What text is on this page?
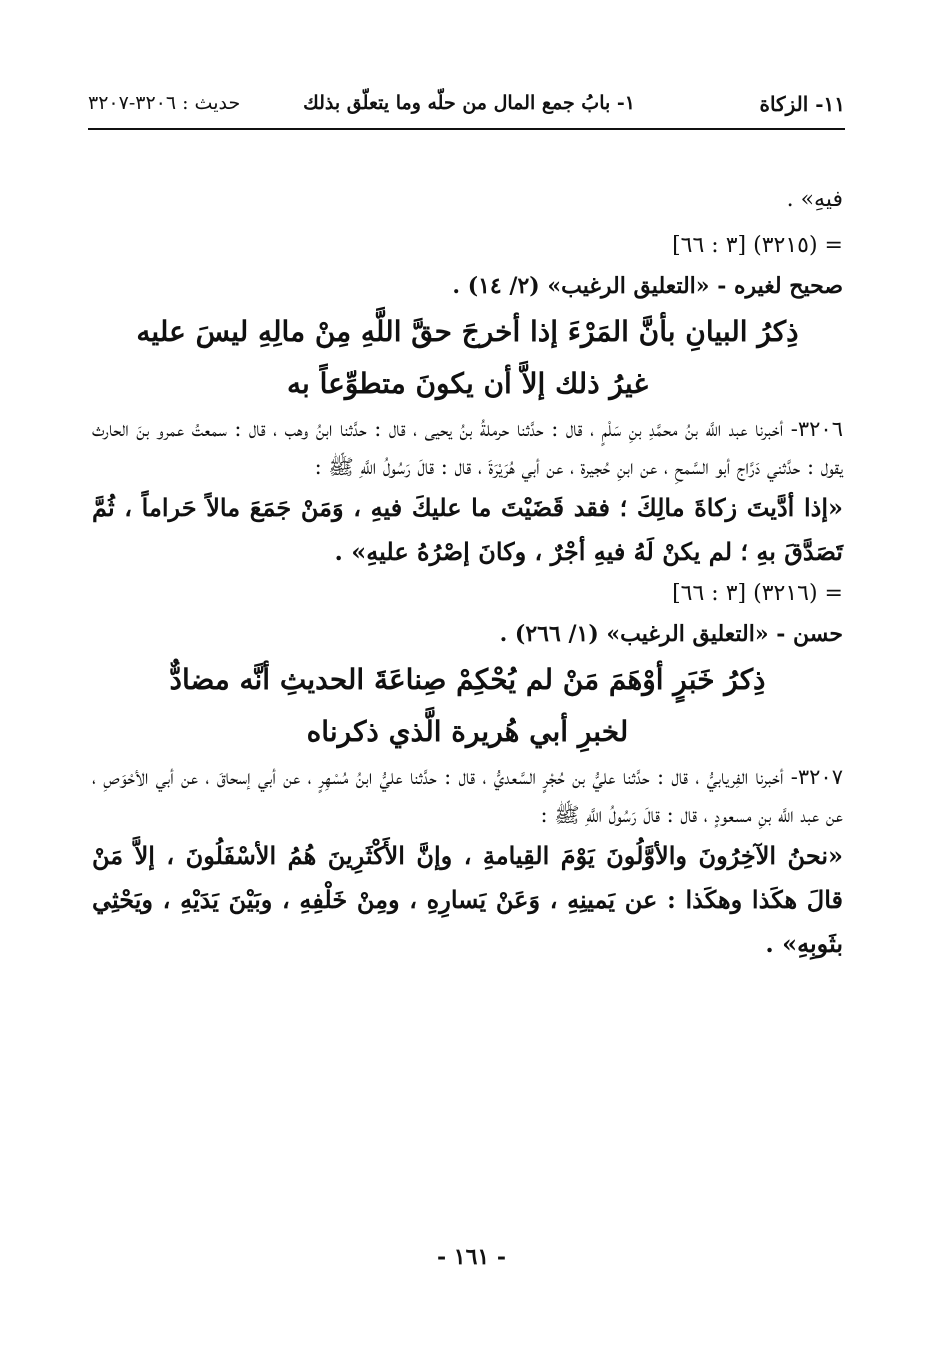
١١- الزكاة
١- بابُ جمع المال من حلّه وما يتعلّق بذلك
حديث : ٣٢٠٦-٣٢٠٧
فيهِ» .
= (٣٢١٥) [٣ : ٦٦]
صحيح لغيره - «التعليق الرغيب» (٢/ ١٤) .
ذِكرُ البيانِ بأنَّ المَرْءَ إذا أخرجَ حقَّ اللَّهِ مِنْ مالِهِ ليسَ عليه
غيرُ ذلك إلاَّ أن يكونَ متطوِّعاً به
٣٢٠٦- أخبرنا عبد اللَّه بنُ محمَّدِ بنِ سَلْمٍ ، قال : حدَّثنا حرملةُ بنُ يحيى ، قال : حدَّثنا ابنُ وهب ، قال : سمعتُ عمرو بنَ الحارث يقول : حدَّثني دَرَّاج أبو السَّمحِ ، عن ابنِ حُجيرة ، عن أبي هُرَيْرَةَ ، قال : قالَ رَسُولُ اللَّهِ ﷺ :
«إذا أدَّيتَ زكاةَ مالِكَ ؛ فقد قَضَيْتَ ما عليكَ فيهِ ، وَمَنْ جَمَعَ مالاً حَراماً ، ثُمَّ تَصَدَّقَ بهِ ؛ لم يكنْ لَهُ فيهِ أجْرٌ ، وكانَ إصْرُهُ عليهِ» .
= (٣٢١٦) [٣ : ٦٦]
حسن - «التعليق الرغيب» (١/ ٢٦٦) .
ذِكرُ خَبَرٍ أوْهَمَ مَنْ لم يُحْكِمْ صِناعَةَ الحديثِ أنَّه مضادٌّ
لخبرِ أبي هُريرة الَّذي ذكرناه
٣٢٠٧- أخبرنا الفِريابيُّ ، قال : حدَّثنا عليُّ بن حُجْرٍ السَّعديُّ ، قال : حدَّثنا عليُّ ابنُ مُسْهِرٍ ، عن أبي إسحاقَ ، عن أبي الأحْوَصِ ، عن عبد اللَّه بنِ مسعودٍ ، قال : قالَ رَسُولُ اللَّهِ ﷺ :
«نحنُ الآخِرُونَ والأوَّلُونَ يَوْمَ القِيامةِ ، وإنَّ الأَكْثَرِينَ هُمُ الأسْفَلُونَ ، إلاَّ مَنْ قالَ هكَذا وهكَذا : عن يَمينِهِ ، وَعَنْ يَسارِهِ ، ومِنْ خَلْفِهِ ، وبَيْنَ يَدَيْهِ ، ويَحْثِي بثَوبِهِ» .
- ١٦١ -
